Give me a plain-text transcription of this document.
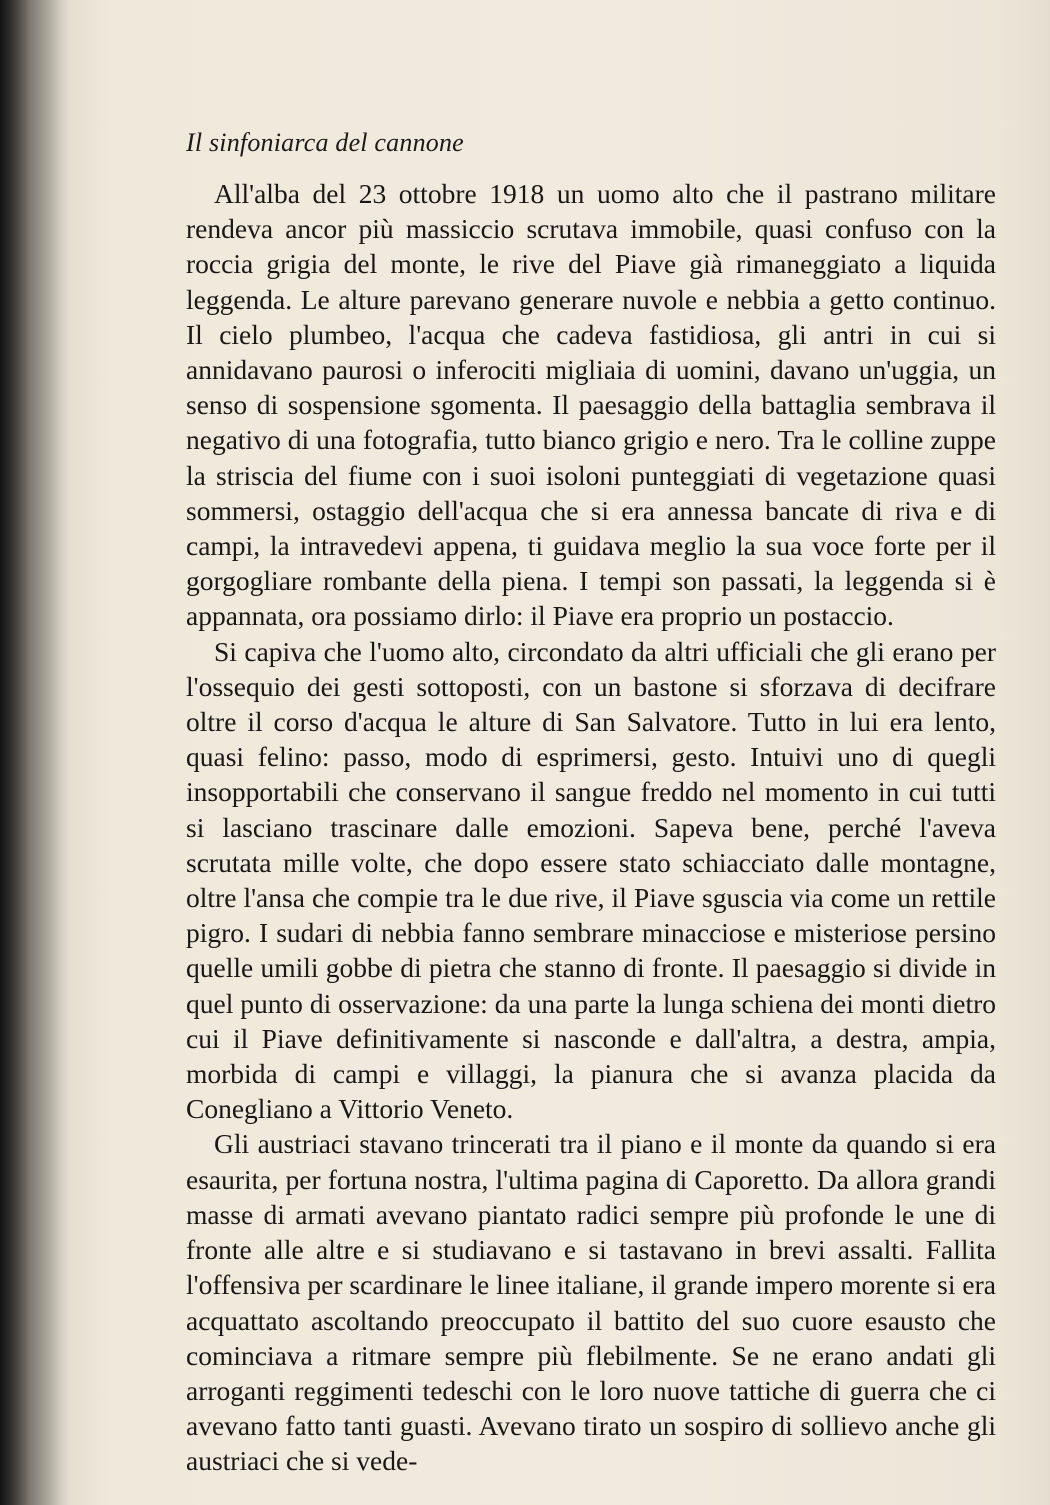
Il sinfoniarca del cannone

All'alba del 23 ottobre 1918 un uomo alto che il pastrano militare rendeva ancor più massiccio scrutava immobile, quasi confuso con la roccia grigia del monte, le rive del Piave già rimaneggiato a liquida leggenda. Le alture parevano generare nuvole e nebbia a getto continuo. Il cielo plumbeo, l'acqua che cadeva fastidiosa, gli antri in cui si annidavano paurosi o inferociti migliaia di uomini, davano un'uggia, un senso di sospensione sgomenta. Il paesaggio della battaglia sembrava il negativo di una fotografia, tutto bianco grigio e nero. Tra le colline zuppe la striscia del fiume con i suoi isoloni punteggiati di vegetazione quasi sommersi, ostaggio dell'acqua che si era annessa bancate di riva e di campi, la intravedevi appena, ti guidava meglio la sua voce forte per il gorgogliare rombante della piena. I tempi son passati, la leggenda si è appannata, ora possiamo dirlo: il Piave era proprio un postaccio.

Si capiva che l'uomo alto, circondato da altri ufficiali che gli erano per l'ossequio dei gesti sottoposti, con un bastone si sforzava di decifrare oltre il corso d'acqua le alture di San Salvatore. Tutto in lui era lento, quasi felino: passo, modo di esprimersi, gesto. Intuivi uno di quegli insopportabili che conservano il sangue freddo nel momento in cui tutti si lasciano trascinare dalle emozioni. Sapeva bene, perché l'aveva scrutata mille volte, che dopo essere stato schiacciato dalle montagne, oltre l'ansa che compie tra le due rive, il Piave sguscia via come un rettile pigro. I sudari di nebbia fanno sembrare minacciose e misteriose persino quelle umili gobbe di pietra che stanno di fronte. Il paesaggio si divide in quel punto di osservazione: da una parte la lunga schiena dei monti dietro cui il Piave definitivamente si nasconde e dall'altra, a destra, ampia, morbida di campi e villaggi, la pianura che si avanza placida da Conegliano a Vittorio Veneto.

Gli austriaci stavano trincerati tra il piano e il monte da quando si era esaurita, per fortuna nostra, l'ultima pagina di Caporetto. Da allora grandi masse di armati avevano piantato radici sempre più profonde le une di fronte alle altre e si studiavano e si tastavano in brevi assalti. Fallita l'offensiva per scardinare le linee italiane, il grande impero morente si era acquattato ascoltando preoccupato il battito del suo cuore esausto che cominciava a ritmare sempre più flebilmente. Se ne erano andati gli arroganti reggimenti tedeschi con le loro nuove tattiche di guerra che ci avevano fatto tanti guasti. Avevano tirato un sospiro di sollievo anche gli austriaci che si vede-
